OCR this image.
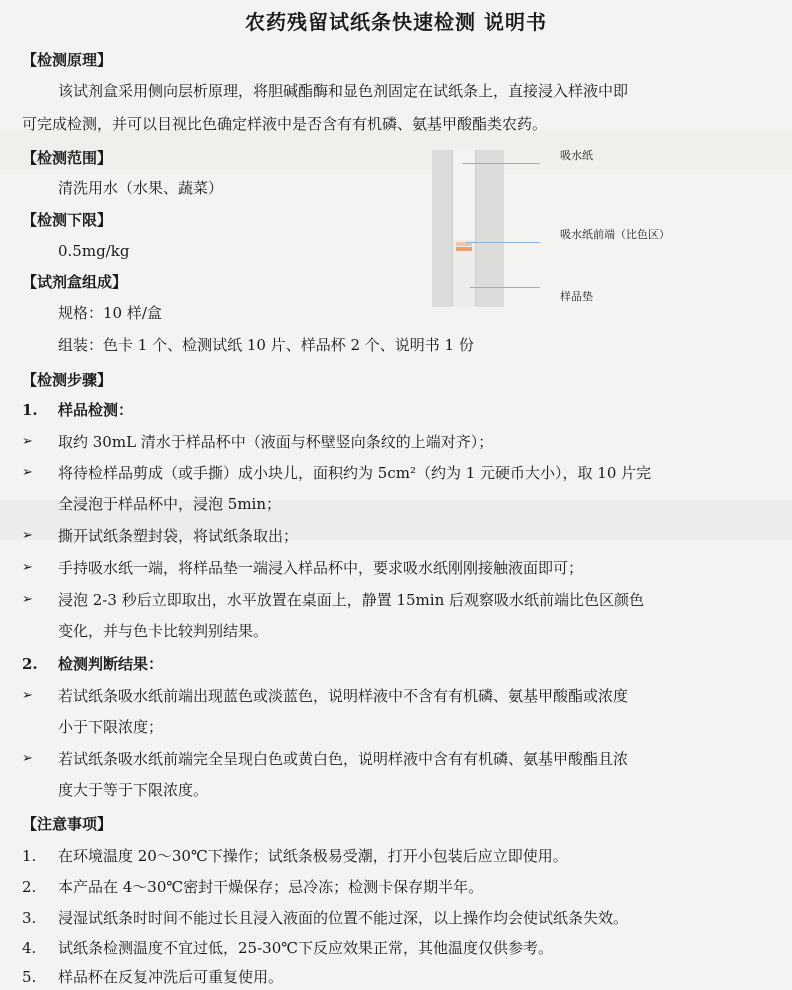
农药残留试纸条快速检测 说明书
【检测原理】
该试剂盒采用侧向层析原理，将胆碱酯酶和显色剂固定在试纸条上，直接浸入样液中即
可完成检测，并可以目视比色确定样液中是否含有有机磷、氨基甲酸酯类农药。
【检测范围】
清洗用水（水果、蔬菜）
【检测下限】
0.5mg/kg
【试剂盒组成】
规格：10 样/盒
组装：色卡 1 个、检测试纸 10 片、样品杯 2 个、说明书 1 份
吸水纸
吸水纸前端（比色区）
样品垫
【检测步骤】
1. 样品检测：
➢ 取约 30mL 清水于样品杯中（液面与杯壁竖向条纹的上端对齐）；
➢ 将待检样品剪成（或手撕）成小块儿，面积约为 5cm²（约为 1 元硬币大小），取 10 片完
全浸泡于样品杯中，浸泡 5min；
➢ 撕开试纸条塑封袋，将试纸条取出；
➢ 手持吸水纸一端，将样品垫一端浸入样品杯中，要求吸水纸刚刚接触液面即可；
➢ 浸泡 2-3 秒后立即取出，水平放置在桌面上，静置 15min 后观察吸水纸前端比色区颜色
变化，并与色卡比较判别结果。
2. 检测判断结果：
➢ 若试纸条吸水纸前端出现蓝色或淡蓝色，说明样液中不含有有机磷、氨基甲酸酯或浓度
小于下限浓度；
➢ 若试纸条吸水纸前端完全呈现白色或黄白色，说明样液中含有有机磷、氨基甲酸酯且浓
度大于等于下限浓度。
【注意事项】
1. 在环境温度 20～30℃下操作；试纸条极易受潮，打开小包装后应立即使用。
2. 本产品在 4～30℃密封干燥保存；忌冷冻；检测卡保存期半年。
3. 浸湿试纸条时时间不能过长且浸入液面的位置不能过深，以上操作均会使试纸条失效。
4. 试纸条检测温度不宜过低，25-30℃下反应效果正常，其他温度仅供参考。
5. 样品杯在反复冲洗后可重复使用。
